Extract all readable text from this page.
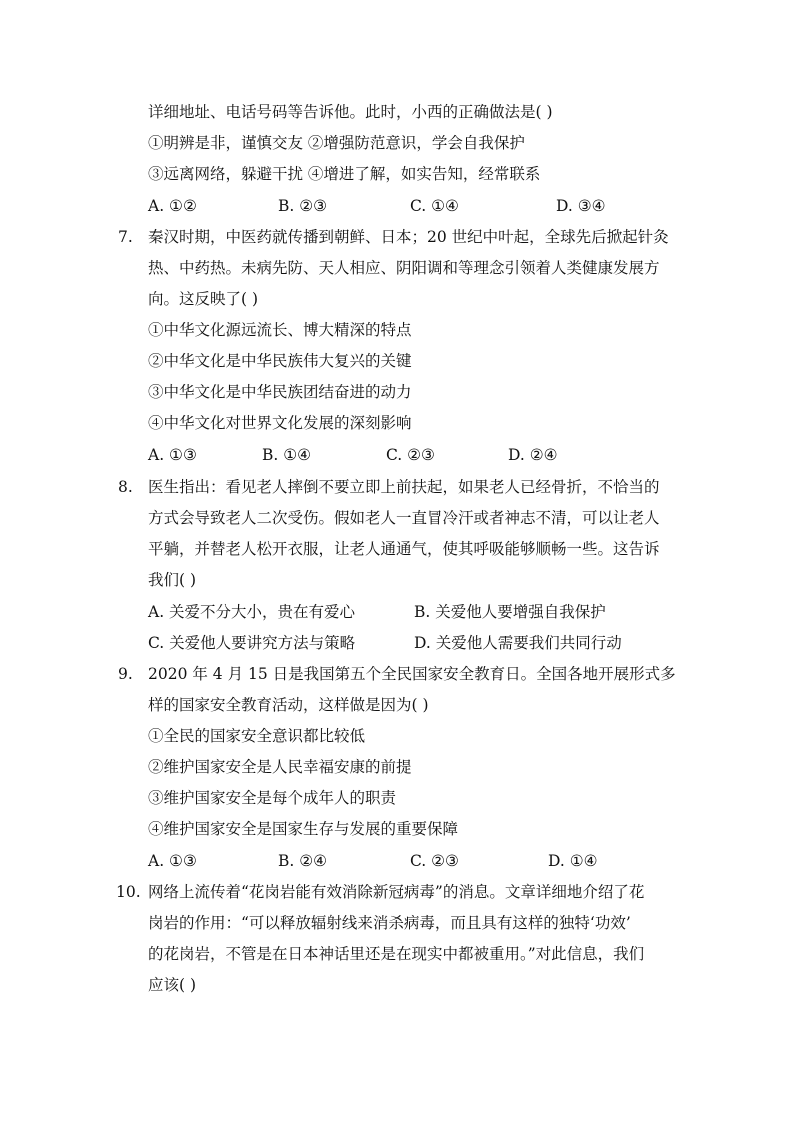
详细地址、电话号码等告诉他。此时，小西的正确做法是( )
①明辨是非，谨慎交友 ②增强防范意识，学会自我保护
③远离网络，躲避干扰 ④增进了解，如实告知，经常联系
A. ①②	B. ②③	C. ①④	D. ③④
7. 秦汉时期，中医药就传播到朝鲜、日本；20 世纪中叶起，全球先后掀起针灸
热、中药热。未病先防、天人相应、阴阳调和等理念引领着人类健康发展方
向。这反映了( )
①中华文化源远流长、博大精深的特点
②中华文化是中华民族伟大复兴的关键
③中华文化是中华民族团结奋进的动力
④中华文化对世界文化发展的深刻影响
A. ①③	B. ①④	C. ②③	D. ②④
8. 医生指出：看见老人摔倒不要立即上前扶起，如果老人已经骨折，不恰当的
方式会导致老人二次受伤。假如老人一直冒冷汗或者神志不清，可以让老人
平躺，并替老人松开衣服，让老人通通气，使其呼吸能够顺畅一些。这告诉
我们( )
A. 关爱不分大小，贵在有爱心	B. 关爱他人要增强自我保护
C. 关爱他人要讲究方法与策略	D. 关爱他人需要我们共同行动
9. 2020 年 4 月 15 日是我国第五个全民国家安全教育日。全国各地开展形式多
样的国家安全教育活动，这样做是因为( )
①全民的国家安全意识都比较低
②维护国家安全是人民幸福安康的前提
③维护国家安全是每个成年人的职责
④维护国家安全是国家生存与发展的重要保障
A. ①③	B. ②④	C. ②③	D. ①④
10. 网络上流传着“花岗岩能有效消除新冠病毒”的消息。文章详细地介绍了花
岗岩的作用：“可以释放辐射线来消杀病毒，而且具有这样的独特‘功效’
的花岗岩，不管是在日本神话里还是在现实中都被重用。”对此信息，我们
应该( )
